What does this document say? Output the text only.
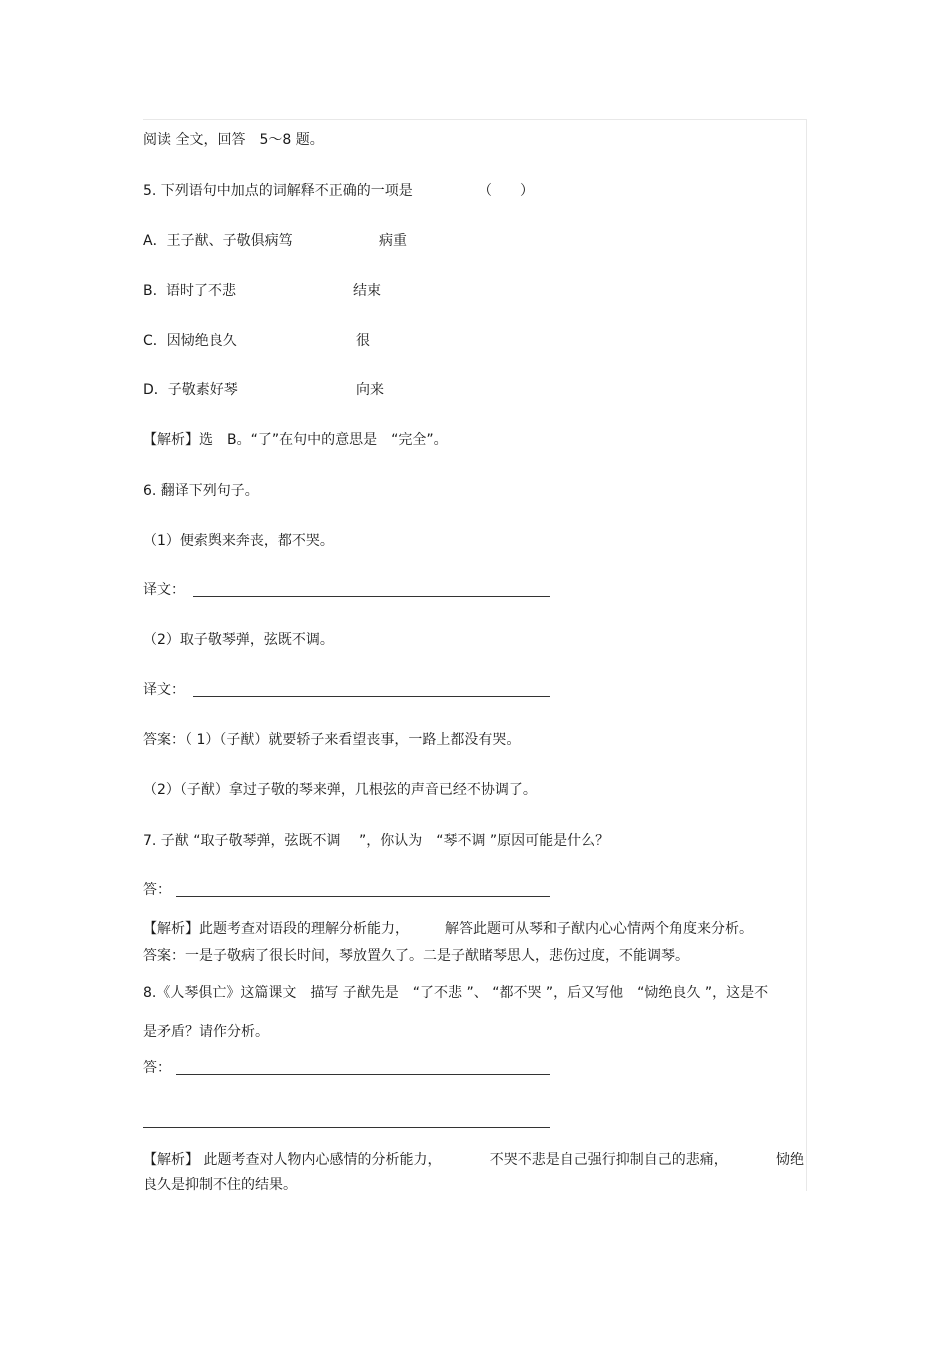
阅读 全文，回答　5～8 题。
5. 下列语句中加点的词解释不正确的一项是	（　　）
A．王子猷、子敬俱病笃	病重
B.  语时了不悲	结束
C．因恸绝良久	很
D．子敬素好琴	向来
【解析】选　B。“了”在句中的意思是　“完全”。
6. 翻译下列句子。
（1）便索舆来奔丧，都不哭。
译文：
（2）取子敬琴弹，弦既不调。
译文：
答案：（ 1）（子猷）就要轿子来看望丧事，一路上都没有哭。
（2）（子猷）拿过子敬的琴来弹，几根弦的声音已经不协调了。
7. 子猷 “取子敬琴弹，弦既不调　 ”，你认为　“琴不调 ”原因可能是什么？
答：
【解析】此题考查对语段的理解分析能力，	解答此题可从琴和子猷内心心情两个角度来分析。
答案：一是子敬病了很长时间，琴放置久了。二是子猷睹琴思人，悲伤过度，不能调琴。
8.《人琴俱亡》这篇课文　描写 子猷先是　“了不悲 ”、 “都不哭 ”，后又写他　“恸绝良久 ”，这是不
是矛盾？请作分析。
答：
【解析】 此题考查对人物内心感情的分析能力，	不哭不悲是自己强行抑制自己的悲痛，	恸绝
良久是抑制不住的结果。
